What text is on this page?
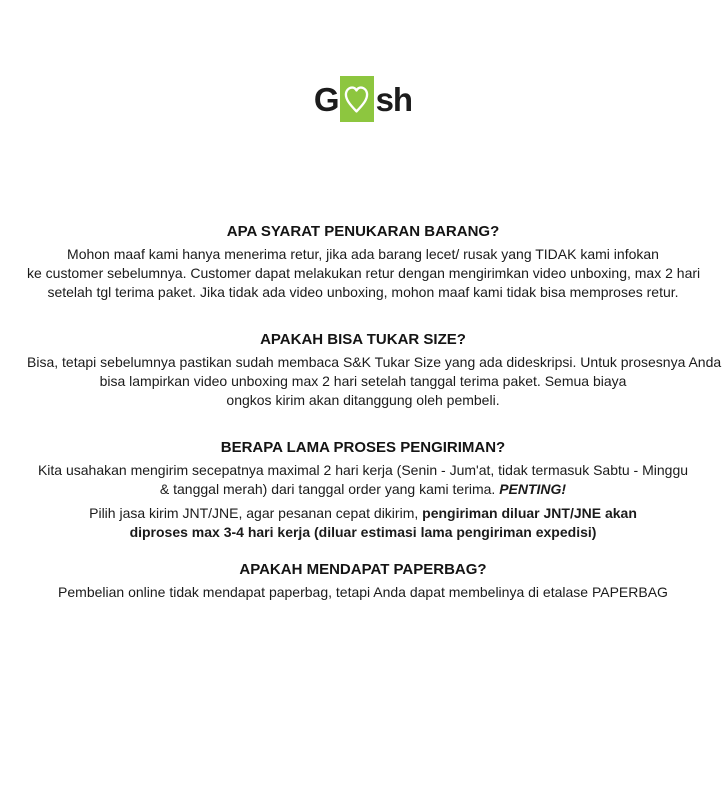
G sh
APA SYARAT PENUKARAN BARANG?
Mohon maaf kami hanya menerima retur, jika ada barang lecet/ rusak yang TIDAK kami infokan
ke customer sebelumnya. Customer dapat melakukan retur dengan mengirimkan video unboxing, max 2 hari
setelah tgl terima paket. Jika tidak ada video unboxing, mohon maaf kami tidak bisa memproses retur.
APAKAH BISA TUKAR SIZE?
Bisa, tetapi sebelumnya pastikan sudah membaca S&K Tukar Size yang ada dideskripsi. Untuk prosesnya Anda
bisa lampirkan video unboxing max 2 hari setelah tanggal terima paket. Semua biaya
ongkos kirim akan ditanggung oleh pembeli.
BERAPA LAMA PROSES PENGIRIMAN?
Kita usahakan mengirim secepatnya maximal 2 hari kerja (Senin - Jum'at, tidak termasuk Sabtu - Minggu
& tanggal merah) dari tanggal order yang kami terima. PENTING!
Pilih jasa kirim JNT/JNE, agar pesanan cepat dikirim, pengiriman diluar JNT/JNE akan
diproses max 3-4 hari kerja (diluar estimasi lama pengiriman expedisi)
APAKAH MENDAPAT PAPERBAG?
Pembelian online tidak mendapat paperbag, tetapi Anda dapat membelinya di etalase PAPERBAG
